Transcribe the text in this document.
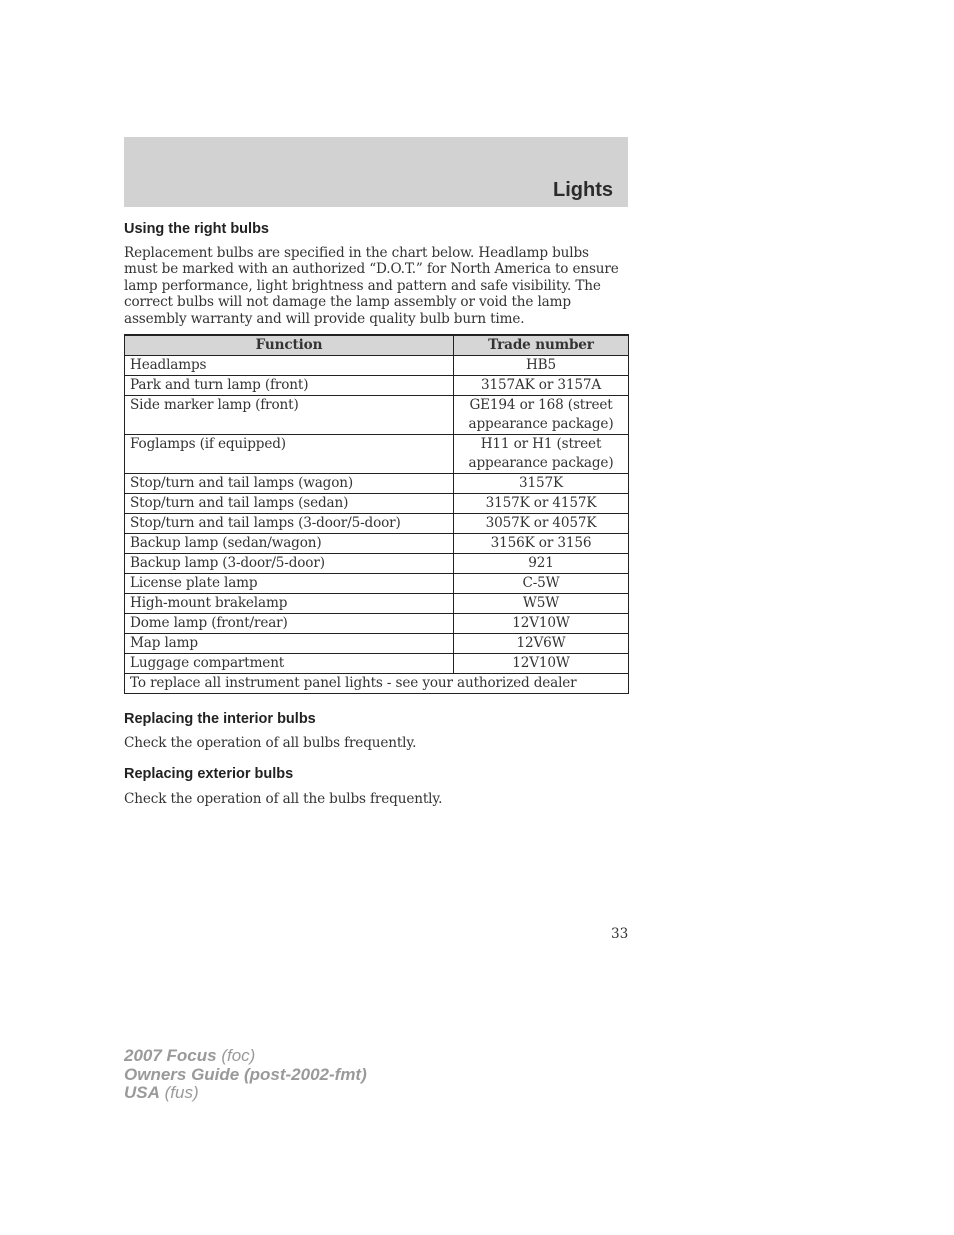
Lights
Using the right bulbs
Replacement bulbs are specified in the chart below. Headlamp bulbs
must be marked with an authorized “D.O.T.” for North America to ensure
lamp performance, light brightness and pattern and safe visibility. The
correct bulbs will not damage the lamp assembly or void the lamp
assembly warranty and will provide quality bulb burn time.
Function	Trade number
Headlamps	HB5

Park and turn lamp (front)	3157AK or 3157A

Side marker lamp (front)	GE194 or 168 (street
appearance package)

Foglamps (if equipped)	H11 or H1 (street
appearance package)

Stop/turn and tail lamps (wagon)	3157K

Stop/turn and tail lamps (sedan)	3157K or 4157K

Stop/turn and tail lamps (3-door/5-door)	3057K or 4057K

Backup lamp (sedan/wagon)	3156K or 3156

Backup lamp (3-door/5-door)	921

License plate lamp	C-5W

High-mount brakelamp	W5W

Dome lamp (front/rear)	12V10W

Map lamp	12V6W

Luggage compartment	12V10W

To replace all instrument panel lights - see your authorized dealer	
Replacing the interior bulbs

Check the operation of all bulbs frequently.

Replacing exterior bulbs

Check the operation of all the bulbs frequently.

33
2007 Focus (foc)
Owners Guide (post-2002-fmt)
USA (fus)
